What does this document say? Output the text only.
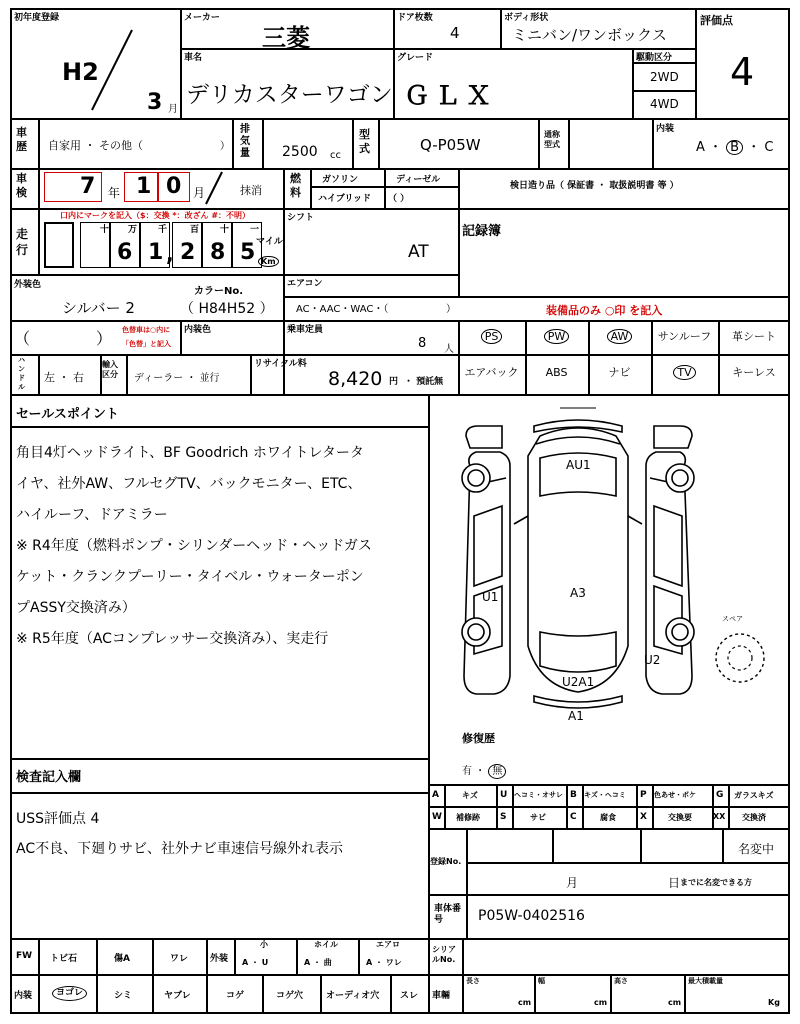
初年度登録
H2
3 月
メーカー
三菱
ドア枚数
4
ボディ形状
ミニバン/ワンボックス
評価点
4
車名
デリカスターワゴン
グレード
ＧＬＸ
駆動区分
2WD
4WD
車歴	自家用 ・ その他（	）
排気量 2500 cc
型式	Q-P05W
通称型式
内装
A ・ B ・ C
車検 7 年 1 0 月	抹消
燃料
ガソリン	ディーゼル
ハイブリッド （ ）
検日造り品（ 保証書 ・ 取扱説明書 等 ）
走行
口内にマークを記入（$：交換 *：改ざん #：不明）
十 万 千	百 十 一
6 1 , 2 8 5 マイル
Km
シフト
AT
記録簿
外装色
シルバー 2
カラーNo.
（ H84H52 ）
エアコン
AC・AAC・WAC・（	）	装備品のみ ○印 を記入
（	） 色替車は○内に
「色替」と記入
内装色	乗車定員
8 人
PS	PW	AW	サンルーフ	革シート
エアバック	ABS	ナビ	TV	キーレス
ハンドル
左 ・ 右
輸入区分	ディーラー ・ 並行
リサイクル料
8,420 円 ・ 預託無
セールスポイント
角目4灯ヘッドライト、BF Goodrich ホワイトレタータ
イヤ、社外AW、フルセグTV、バックモニター、ETC、
ハイルーフ、ドアミラー
※ R4年度（燃料ポンプ・シリンダーヘッド・ヘッドガス
ケット・クランクプーリー・タイベル・ウォーターポン
プASSY交換済み）
※ R5年度（ACコンプレッサー交換済み）、実走行
AU1
A3
U1
U2
U2A1
A1
スペア
修復歴
有 ・ 無
検査記入欄
USS評価点 4
AC不良、下廻りサビ、社外ナビ車速信号線外れ表示
A	キズ U ヘコミ・オサレ B キズ・ヘコミ P 色あせ・ボケ G ガラスキズ
W 補修跡 S	サビ	C	腐食	X	交換要	XX 交換済
登録No.
名変中
月	日 までに名変できる方
車体番号	P05W-0402516
FW トビ石	傷A	ワレ 外装
小
A ・ U
ホイル
A ・ 曲
エアロ
A ・ ワレ
シリアルNo.
内装	ヨゴレ	シミ	ヤブレ	コゲ	コゲ穴	オーディオ穴 スレ 車輛
長さ
cm
幅
cm
高さ
cm
最大積載量
Kg
